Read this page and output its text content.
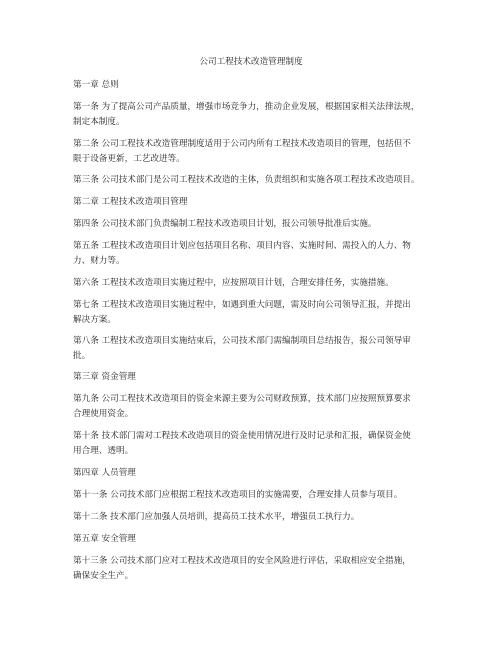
公司工程技术改造管理制度
第一章 总则
第一条 为了提高公司产品质量，增强市场竞争力，推动企业发展，根据国家相关法律法规，
制定本制度。
第二条 公司工程技术改造管理制度适用于公司内所有工程技术改造项目的管理，包括但不
限于设备更新，工艺改进等。
第三条 公司技术部门是公司工程技术改造的主体，负责组织和实施各项工程技术改造项目。
第二章 工程技术改造项目管理
第四条 公司技术部门负责编制工程技术改造项目计划，报公司领导批准后实施。
第五条 工程技术改造项目计划应包括项目名称、项目内容、实施时间、需投入的人力、物
力、财力等。
第六条 工程技术改造项目实施过程中，应按照项目计划，合理安排任务，实施措施。
第七条 工程技术改造项目实施过程中，如遇到重大问题，需及时向公司领导汇报，并提出
解决方案。
第八条 工程技术改造项目实施结束后，公司技术部门需编制项目总结报告，报公司领导审
批。
第三章 资金管理
第九条 公司工程技术改造项目的资金来源主要为公司财政预算，技术部门应按照预算要求
合理使用资金。
第十条 技术部门需对工程技术改造项目的资金使用情况进行及时记录和汇报，确保资金使
用合理、透明。
第四章 人员管理
第十一条 公司技术部门应根据工程技术改造项目的实施需要，合理安排人员参与项目。
第十二条 技术部门应加强人员培训，提高员工技术水平，增强员工执行力。
第五章 安全管理
第十三条 公司技术部门应对工程技术改造项目的安全风险进行评估，采取相应安全措施，
确保安全生产。
